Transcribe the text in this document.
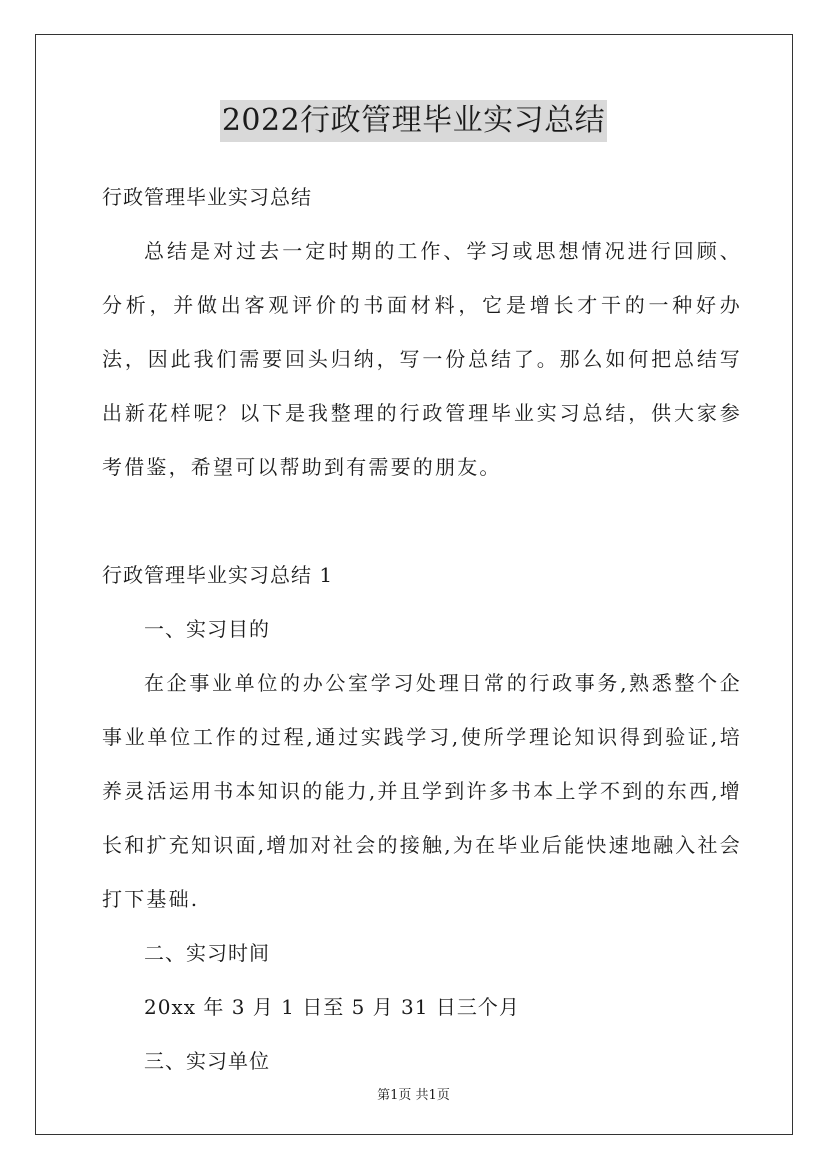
2022行政管理毕业实习总结
行政管理毕业实习总结
总结是对过去一定时期的工作、学习或思想情况进行回顾、分析，并做出客观评价的书面材料，它是增长才干的一种好办法，因此我们需要回头归纳，写一份总结了。那么如何把总结写出新花样呢？以下是我整理的行政管理毕业实习总结，供大家参考借鉴，希望可以帮助到有需要的朋友。
行政管理毕业实习总结 1
一、实习目的
在企事业单位的办公室学习处理日常的行政事务,熟悉整个企事业单位工作的过程,通过实践学习,使所学理论知识得到验证,培养灵活运用书本知识的能力,并且学到许多书本上学不到的东西,增长和扩充知识面,增加对社会的接触,为在毕业后能快速地融入社会打下基础.
二、实习时间
20xx 年 3 月 1 日至 5 月 31 日三个月
三、实习单位
第1页 共1页
